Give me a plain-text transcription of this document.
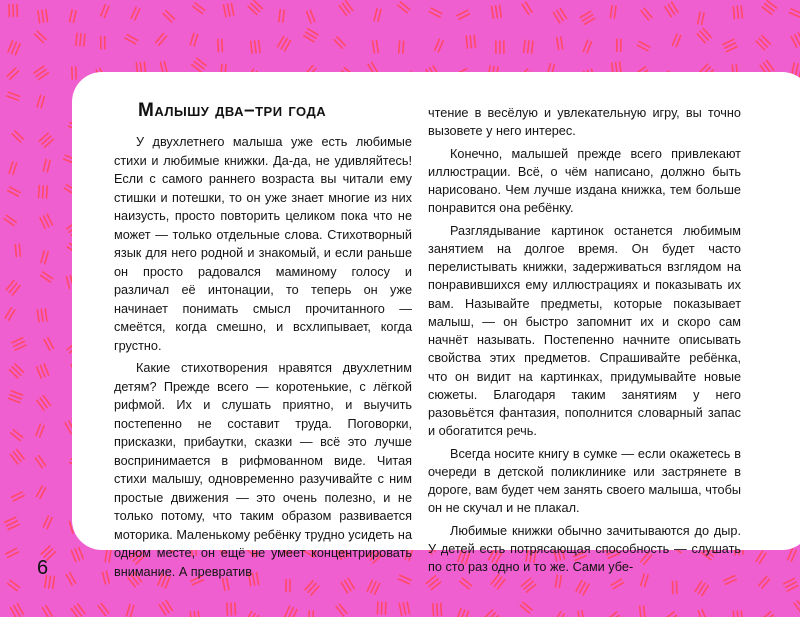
Малышу два–три года

У двухлетнего малыша уже есть любимые стихи и любимые книжки. Да-да, не удивляйтесь! Если с самого раннего возраста вы читали ему стишки и потешки, то он уже знает многие из них наизусть, просто повторить целиком пока что не может — только отдельные слова. Стихотворный язык для него родной и знакомый, и если раньше он просто радовался маминому голосу и различал её интонации, то теперь он уже начинает понимать смысл прочитанного — смеётся, когда смешно, и всхлипывает, когда грустно.

Какие стихотворения нравятся двухлетним детям? Прежде всего — коротенькие, с лёгкой рифмой. Их и слушать приятно, и выучить постепенно не составит труда. Поговорки, присказки, прибаутки, сказки — всё это лучше воспринимается в рифмованном виде. Читая стихи малышу, одновременно разучивайте с ним простые движения — это очень полезно, и не только потому, что таким образом развивается моторика. Маленькому ребёнку трудно усидеть на одном месте, он ещё не умеет концентрировать внимание. А превратив

чтение в весёлую и увлекательную игру, вы точно вызовете у него интерес.

Конечно, малышей прежде всего привлекают иллюстрации. Всё, о чём написано, должно быть нарисовано. Чем лучше издана книжка, тем больше понравится она ребёнку.

Разглядывание картинок останется любимым занятием на долгое время. Он будет часто перелистывать книжки, задерживаться взглядом на понравившихся ему иллюстрациях и показывать их вам. Называйте предметы, которые показывает малыш, — он быстро запомнит их и скоро сам начнёт называть. Постепенно начните описывать свойства этих предметов. Спрашивайте ребёнка, что он видит на картинках, придумывайте новые сюжеты. Благодаря таким занятиям у него разовьётся фантазия, пополнится словарный запас и обогатится речь.

Всегда носите книгу в сумке — если окажетесь в очереди в детской поликлинике или застрянете в дороге, вам будет чем занять своего малыша, чтобы он не скучал и не плакал.

Любимые книжки обычно зачитываются до дыр. У детей есть потрясающая способность — слушать по сто раз одно и то же. Сами убе-

6
